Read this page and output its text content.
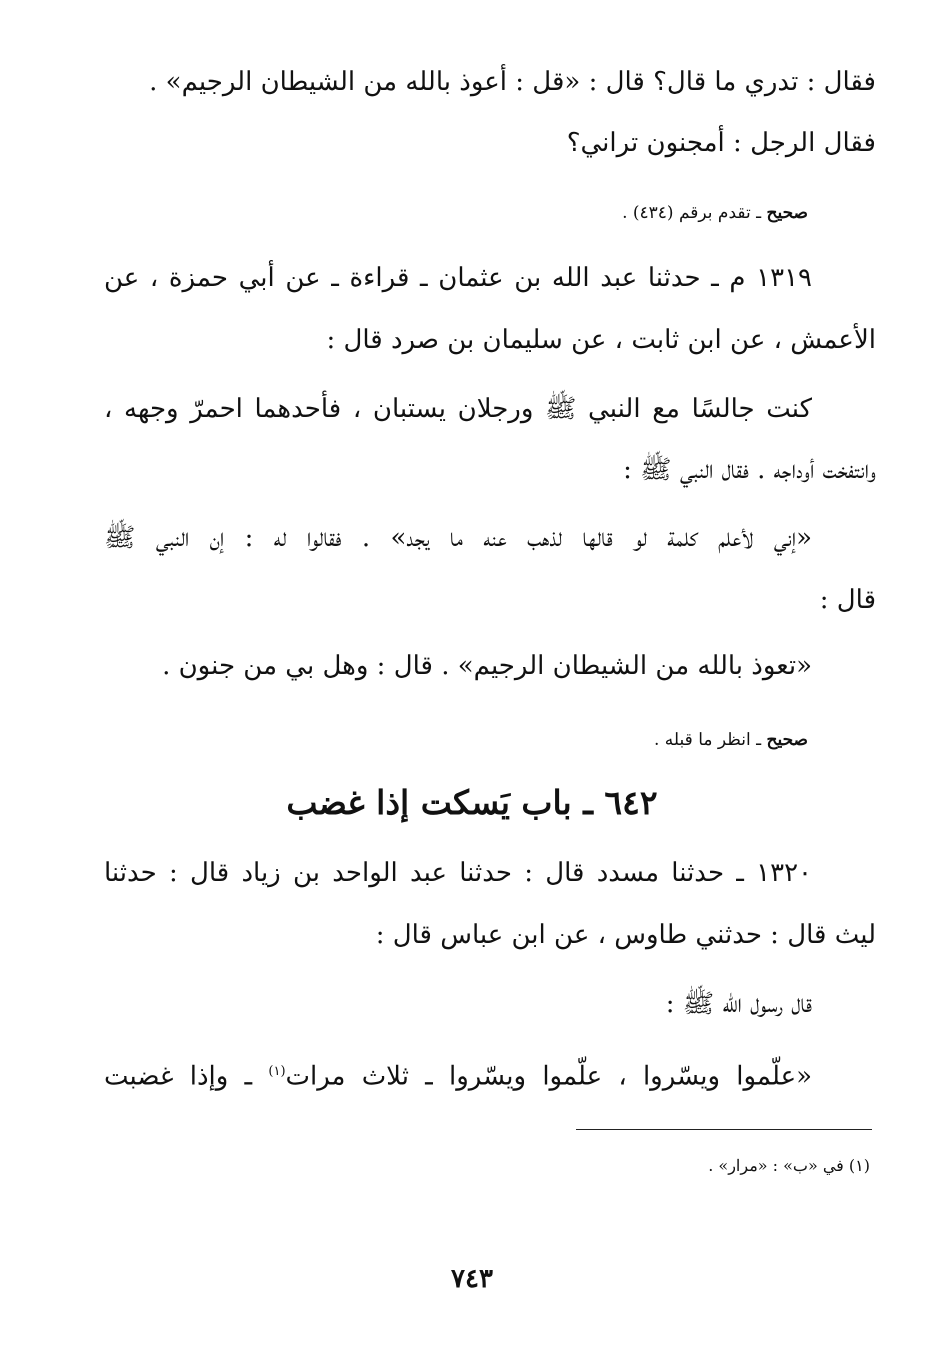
فقال : تدري ما قال؟ قال : «قل : أعوذ بالله من الشيطان الرجيم» .
فقال الرجل : أمجنون تراني؟
صحيح ـ تقدم برقم (٤٣٤) .
١٣١٩ م ـ حدثنا عبد الله بن عثمان ـ قراءة ـ عن أبي حمزة ، عن
الأعمش ، عن ابن ثابت ، عن سليمان بن صرد قال :
كنت جالسًا مع النبي ﷺ ورجلان يستبان ، فأحدهما احمرّ وجهه ،
وانتفخت أوداجه . فقال النبي ﷺ :
«إني لأعلم كلمة لو قالها لذهب عنه ما يجد» . فقالوا له : إن النبي ﷺ
قال :
«تعوذ بالله من الشيطان الرجيم» . قال : وهل بي من جنون .
صحيح ـ انظر ما قبله .
٦٤٢ ـ باب يَسكت إذا غضب
١٣٢٠ ـ حدثنا مسدد قال : حدثنا عبد الواحد بن زياد قال : حدثنا
ليث قال : حدثني طاوس ، عن ابن عباس قال :
قال رسول الله ﷺ :
«علّموا ويسّروا ، علّموا ويسّروا ـ ثلاث مرات$^{(١)}$ ـ وإذا غضبت
(١) في «ب» : «مرار» .
٧٤٣
